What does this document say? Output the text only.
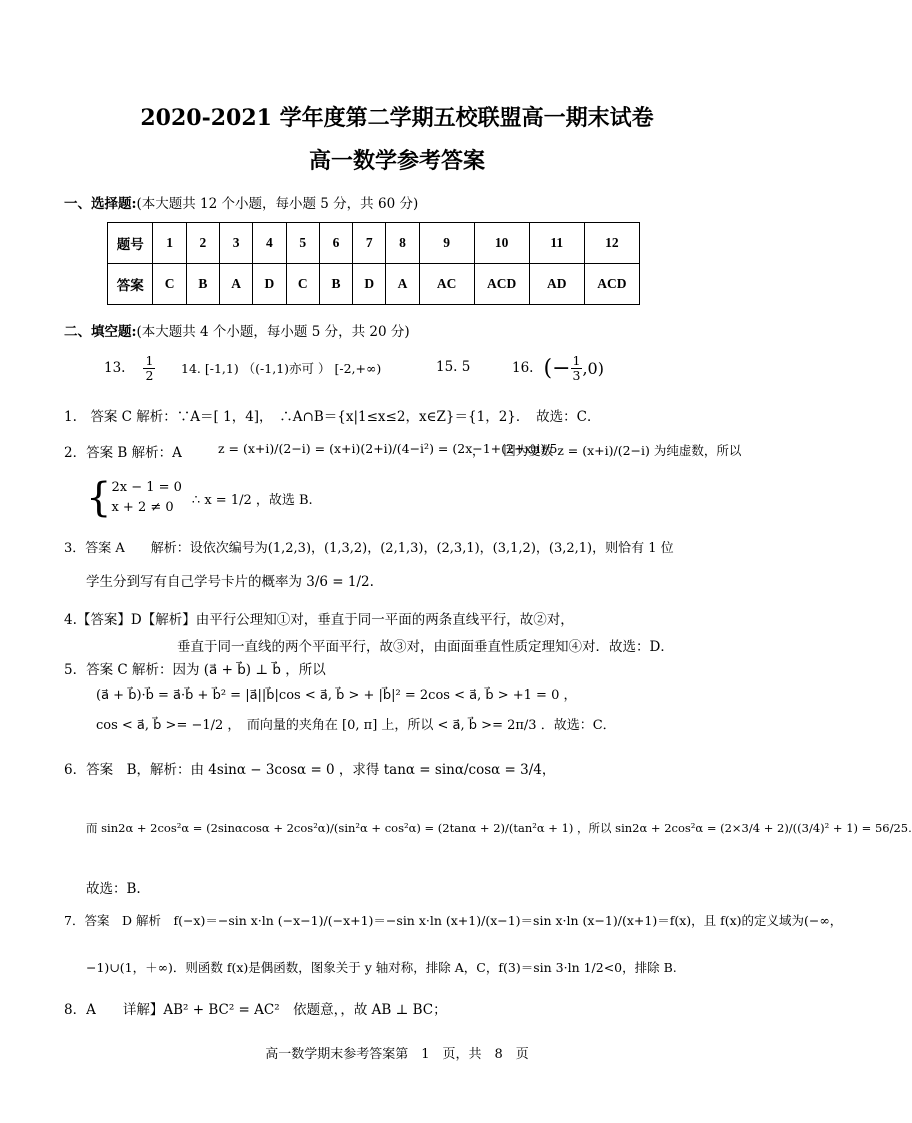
2020-2021 学年度第二学期五校联盟高一期末试卷
高一数学参考答案
一、选择题:(本大题共 12 个小题，每小题 5 分，共 60 分)
题号	1	2	3	4	5	6	7	8	9	10	11	12
答案	C	B	A	D	C	B	D	A	AC	ACD	AD	ACD
二、填空题:(本大题共 4 个小题，每小题 5 分，共 20 分)
13. $\frac{1}{2} 14$. [-1,1) （(-1,1)亦可 ） [-2,+∞)	15. 5	16. (− $\frac{1}{3} ,0$)
1.　答案 C 解析：∵A＝[ 1，4]，　∴A∩B＝{x|1≤x≤2，x∈Z}＝{1，2}．　故选：C．
2．答案 B 解析：A	z = (x+i)/(2−i) = (x+i)(2+i)/(4−i²) = (2x−1+(2+x)i)/5
，　　因为复数 z = (x+i)/(2−i) 为纯虚数，所以
{ 2x − 1 = 0
x + 2 ≠ 0	∴ x = 1/2 ，故选 B.
3．答案 A　　解析：设依次编号为(1,2,3)，(1,3,2)，(2,1,3)，(2,3,1)，(3,1,2)，(3,2,1)，则恰有 1 位
学生分到写有自己学号卡片的概率为 3/6 = 1/2.
4.【答案】D【解析】由平行公理知①对，垂直于同一平面的两条直线平行，故②对，
垂直于同一直线的两个平面平行，故③对，由面面垂直性质定理知④对．故选：D．
5．答案 C 解析：因为 (a⃗ + b⃗) ⊥ b⃗ ，所以
(a⃗ + b⃗)·b⃗ = a⃗·b⃗ + b⃗² = |a⃗||b⃗|cos < a⃗, b⃗ > + |b⃗|² = 2cos < a⃗, b⃗ > +1 = 0 ，
cos < a⃗, b⃗ >= −1/2 ，　而向量的夹角在 [0, π] 上，所以 < a⃗, b⃗ >= 2π/3 ．故选：C．
6．答案　B，解析：由 4sinα − 3cosα = 0 ，求得 tanα = sinα/cosα = 3/4，
而 sin2α + 2cos²α = (2sinαcosα + 2cos²α)/(sin²α + cos²α) = (2tanα + 2)/(tan²α + 1) ，所以 sin2α + 2cos²α = (2×3/4 + 2)/((3/4)² + 1) = 56/25.
故选：B.
7．答案　D 解析　f(−x)＝−sin x·ln (−x−1)/(−x+1)＝−sin x·ln (x+1)/(x−1)＝sin x·ln (x−1)/(x+1)＝f(x)，且 f(x)的定义域为(−∞，
−1)∪(1，＋∞)．则函数 f(x)是偶函数，图象关于 y 轴对称，排除 A，C，f(3)＝sin 3·ln 1/2<0，排除 B.
8．A　　详解】AB² + BC² = AC²　依题意，，故 AB ⊥ BC；
高一数学期末参考答案第　1　页，共　8　页
